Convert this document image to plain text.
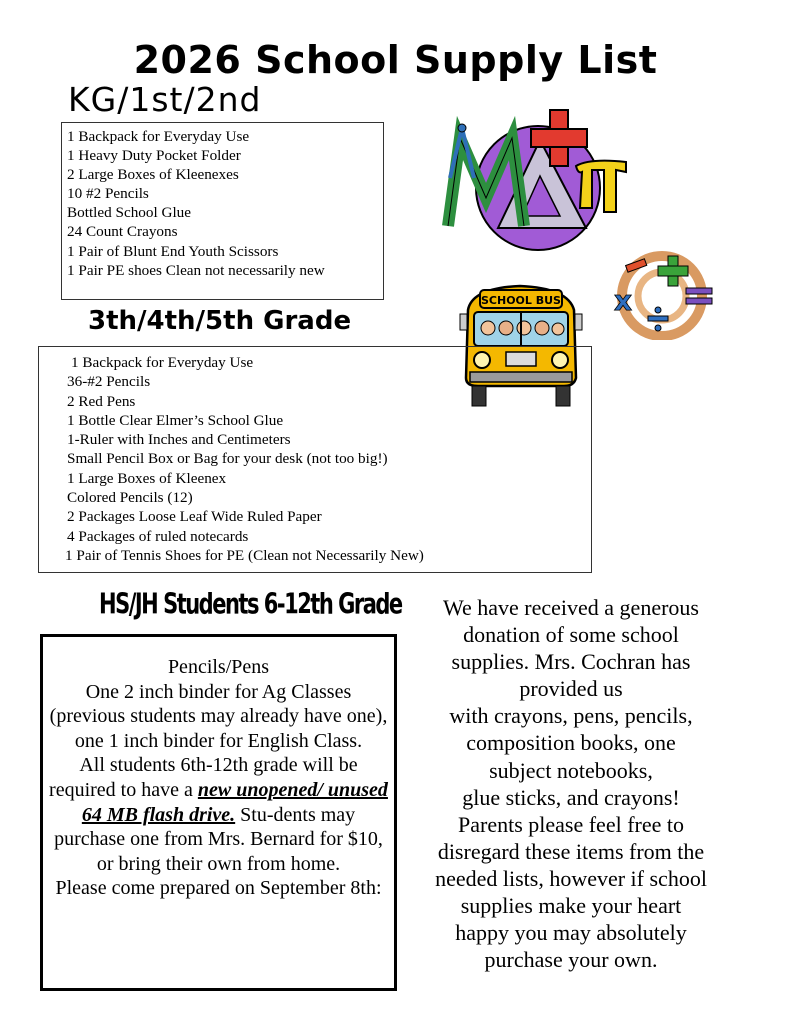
2026 School Supply List
KG/1st/2nd
1 Backpack for Everyday Use
1 Heavy Duty Pocket Folder
2 Large Boxes of Kleenexes
10 #2 Pencils
Bottled School Glue
24 Count Crayons
1 Pair of Blunt End Youth Scissors
1 Pair PE shoes Clean not necessarily new
x
SCHOOL BUS
3th/4th/5th Grade
1 Backpack for Everyday Use
36-#2 Pencils
2 Red Pens
1 Bottle Clear Elmer’s School Glue
1-Ruler with Inches and Centimeters
Small Pencil Box or Bag for your desk (not too big!)
1 Large Boxes of Kleenex
Colored Pencils (12)
2 Packages Loose Leaf Wide Ruled Paper
4 Packages of ruled notecards
1 Pair of Tennis Shoes for PE (Clean not Necessarily New)
HS/JH Students 6-12th Grade
Pencils/Pens
One 2 inch binder for Ag Classes (previous students may already have one), one 1 inch binder for English Class.
All students 6th-12th grade will be required to have a new unopened/ unused 64 MB flash drive. Stu-dents may purchase one from Mrs. Bernard for $10, or bring their own from home.
Please come prepared on September 8th:
We have received a generous
donation of some school
supplies. Mrs. Cochran has
provided us
with crayons, pens, pencils,
composition books, one
subject notebooks,
glue sticks, and crayons!
Parents please feel free to
disregard these items from the
needed lists, however if school
supplies make your heart
happy you may absolutely
purchase your own.
